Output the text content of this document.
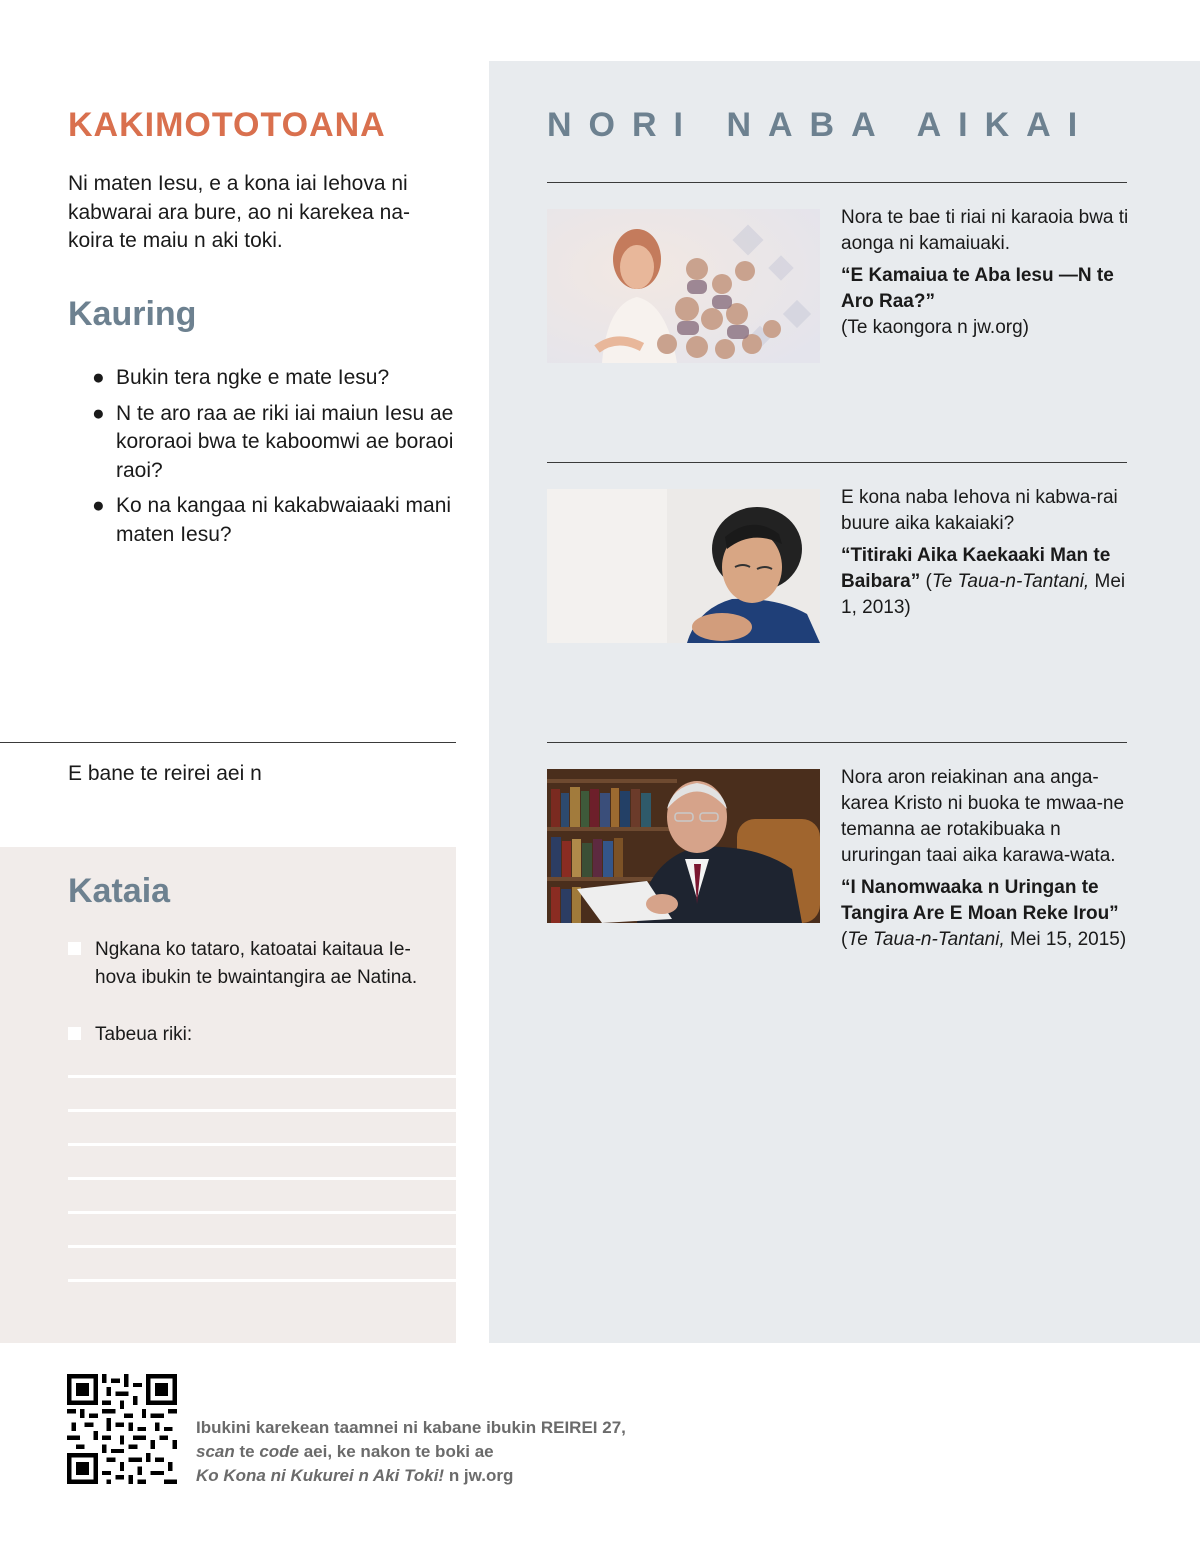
NORI NABA AIKAI

Nora te bae ti riai ni karaoia bwa ti aonga ni kamaiuaki.

“E Kamaiua te Aba Iesu —N te Aro Raa?”

(Te kaongora n jw.org)

E kona naba Iehova ni kabwa-rai buure aika kakaiaki?

“Titiraki Aika Kaekaaki Man te Baibara” (Te Taua-n-Tantani, Mei 1, 2013)

Nora aron reiakinan ana anga-karea Kristo ni buoka te mwaa-ne temanna ae rotakibuaka n ururingan taai aika karawa-wata.

“I Nanomwaaka n Uringan te Tangira Are E Moan Reke Irou”

(Te Taua-n-Tantani, Mei 15, 2015)

KAKIMOTOTOANA

Ni maten Iesu, e a kona iai Iehova ni kabwarai ara bure, ao ni karekea na-koira te maiu n aki toki.

Kauring
● Bukin tera ngke e mate Iesu?
● N te aro raa ae riki iai maiun Iesu ae kororaoi bwa te kaboomwi ae boraoi raoi?
● Ko na kangaa ni kakabwaiaaki mani maten Iesu?
E bane te reirei aei n
Kataia
Ngkana ko tataro, katoatai kaitaua Ie-hova ibukin te bwaintangira ae Natina.
Tabeua riki:
Ibukini karekean taamnei ni kabane ibukin REIREI 27,
scan te code aei, ke nakon te boki ae
Ko Kona ni Kukurei n Aki Toki! n jw.org
